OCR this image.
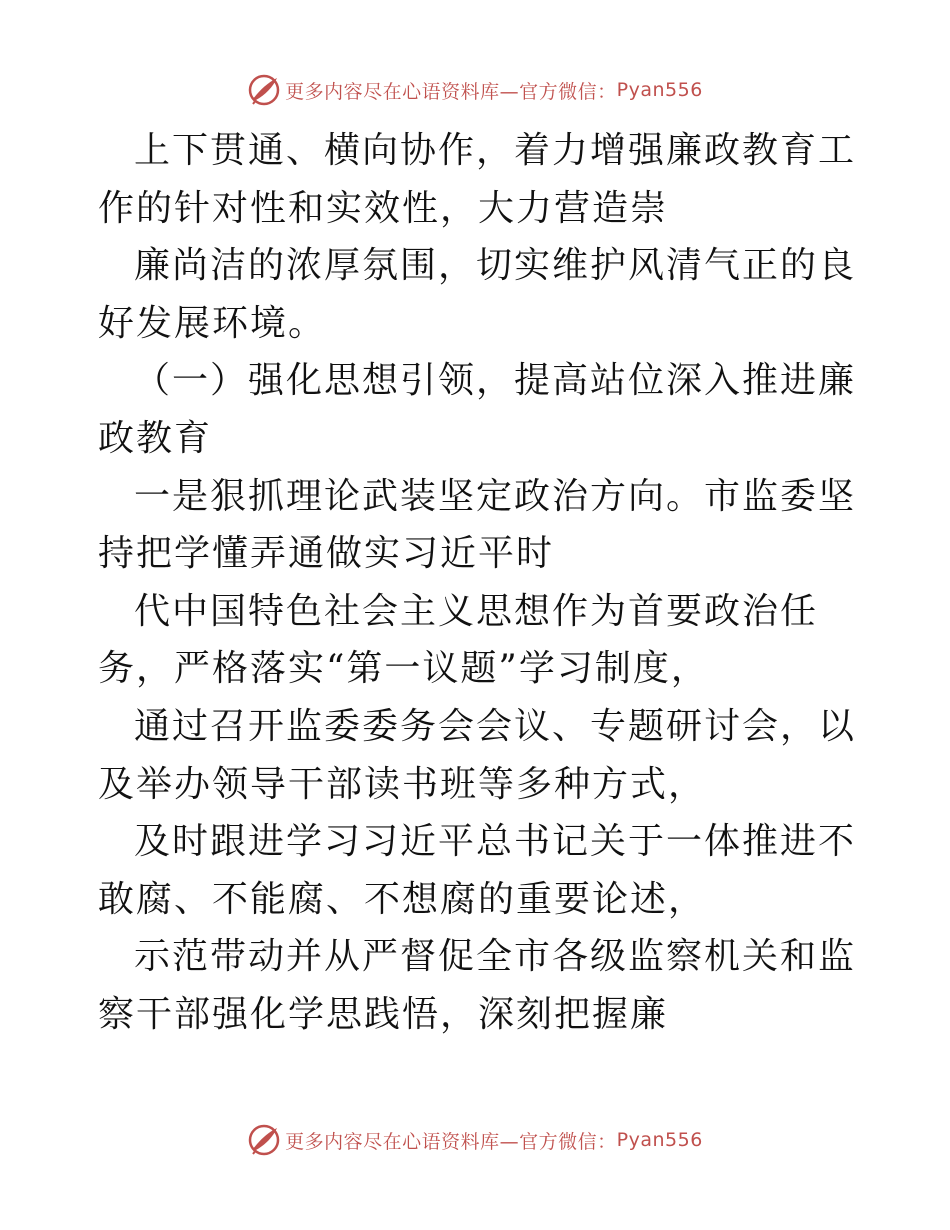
更多内容尽在心语资料库—官方微信： Pyan556

上下贯通、横向协作，着力增强廉政教育工作的针对性和实效性，大力营造崇

廉尚洁的浓厚氛围，切实维护风清气正的良好发展环境。

（一）强化思想引领，提高站位深入推进廉政教育

一是狠抓理论武装坚定政治方向。市监委坚持把学懂弄通做实习近平时

代中国特色社会主义思想作为首要政治任务，严格落实“第一议题”学习制度，

通过召开监委委务会会议、专题研讨会，以及举办领导干部读书班等多种方式，

及时跟进学习习近平总书记关于一体推进不敢腐、不能腐、不想腐的重要论述，

示范带动并从严督促全市各级监察机关和监察干部强化学思践悟，深刻把握廉

更多内容尽在心语资料库—官方微信： Pyan556
